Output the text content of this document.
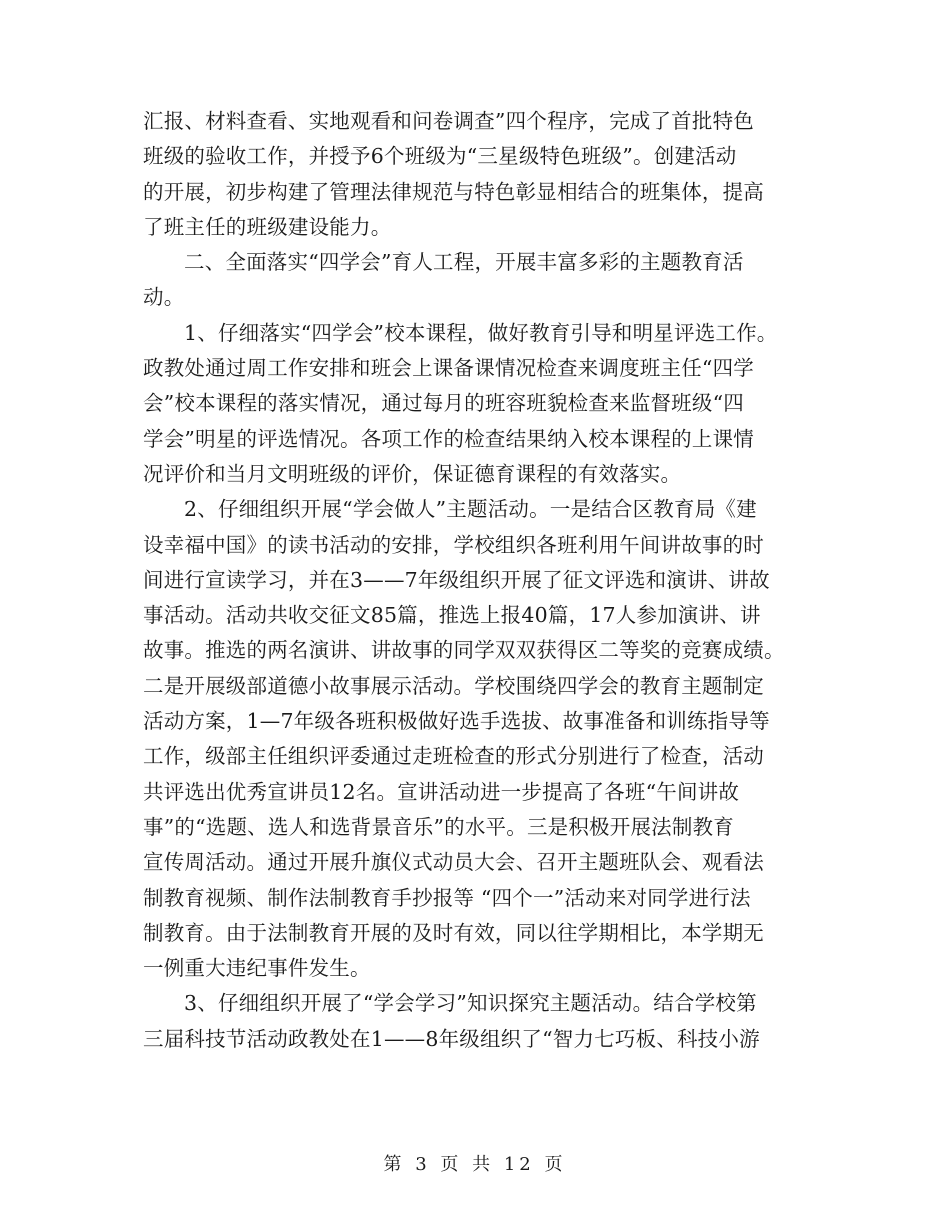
汇报、材料查看、实地观看和问卷调查”四个程序，完成了首批特色
班级的验收工作，并授予6个班级为“三星级特色班级”。创建活动
的开展，初步构建了管理法律规范与特色彰显相结合的班集体，提高
了班主任的班级建设能力。
二、全面落实“四学会”育人工程，开展丰富多彩的主题教育活
动。
1、仔细落实“四学会”校本课程，做好教育引导和明星评选工作。
政教处通过周工作安排和班会上课备课情况检查来调度班主任“四学
会”校本课程的落实情况，通过每月的班容班貌检查来监督班级“四
学会”明星的评选情况。各项工作的检查结果纳入校本课程的上课情
况评价和当月文明班级的评价，保证德育课程的有效落实。
2、仔细组织开展“学会做人”主题活动。一是结合区教育局《建
设幸福中国》的读书活动的安排，学校组织各班利用午间讲故事的时
间进行宣读学习，并在3——7年级组织开展了征文评选和演讲、讲故
事活动。活动共收交征文85篇，推选上报40篇，17人参加演讲、讲
故事。推选的两名演讲、讲故事的同学双双获得区二等奖的竞赛成绩。
二是开展级部道德小故事展示活动。学校围绕四学会的教育主题制定
活动方案，1—7年级各班积极做好选手选拔、故事准备和训练指导等
工作，级部主任组织评委通过走班检查的形式分别进行了检查，活动
共评选出优秀宣讲员12名。宣讲活动进一步提高了各班“午间讲故
事”的“选题、选人和选背景音乐”的水平。三是积极开展法制教育
宣传周活动。通过开展升旗仪式动员大会、召开主题班队会、观看法
制教育视频、制作法制教育手抄报等 “四个一”活动来对同学进行法
制教育。由于法制教育开展的及时有效，同以往学期相比，本学期无
一例重大违纪事件发生。
3、仔细组织开展了“学会学习”知识探究主题活动。结合学校第
三届科技节活动政教处在1——8年级组织了“智力七巧板、科技小游
第 3 页 共 12 页
